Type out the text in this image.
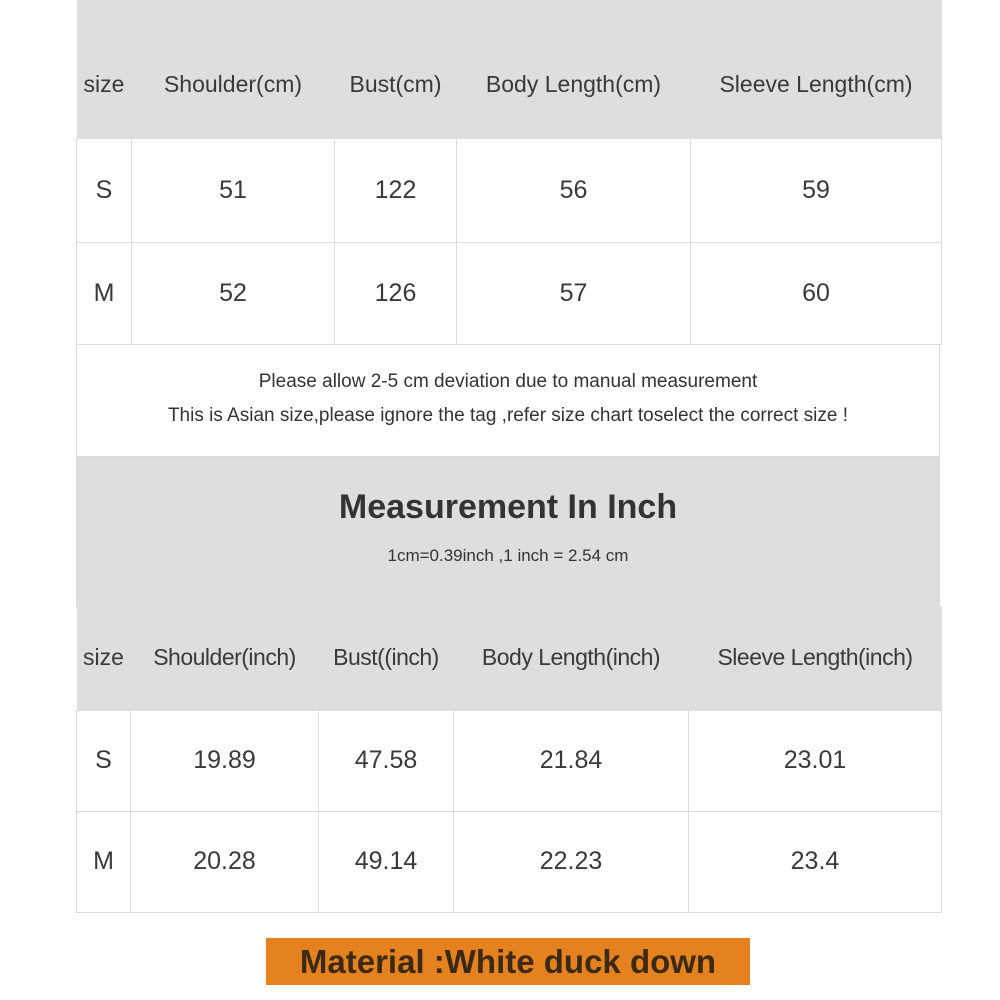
size	Shoulder(cm)	Bust(cm)	Body Length(cm)	Sleeve Length(cm)
S	51	122	56	59
M	52	126	57	60
Please allow 2-5 cm deviation due to manual measurement
This is Asian size,please ignore the tag ,refer size chart toselect the correct size !
Measurement In Inch
1cm=0.39inch ,1 inch = 2.54 cm
size	Shoulder(inch)	Bust((inch)	Body Length(inch)	Sleeve Length(inch)
S	19.89	47.58	21.84	23.01
M	20.28	49.14	22.23	23.4
Material :White duck down
